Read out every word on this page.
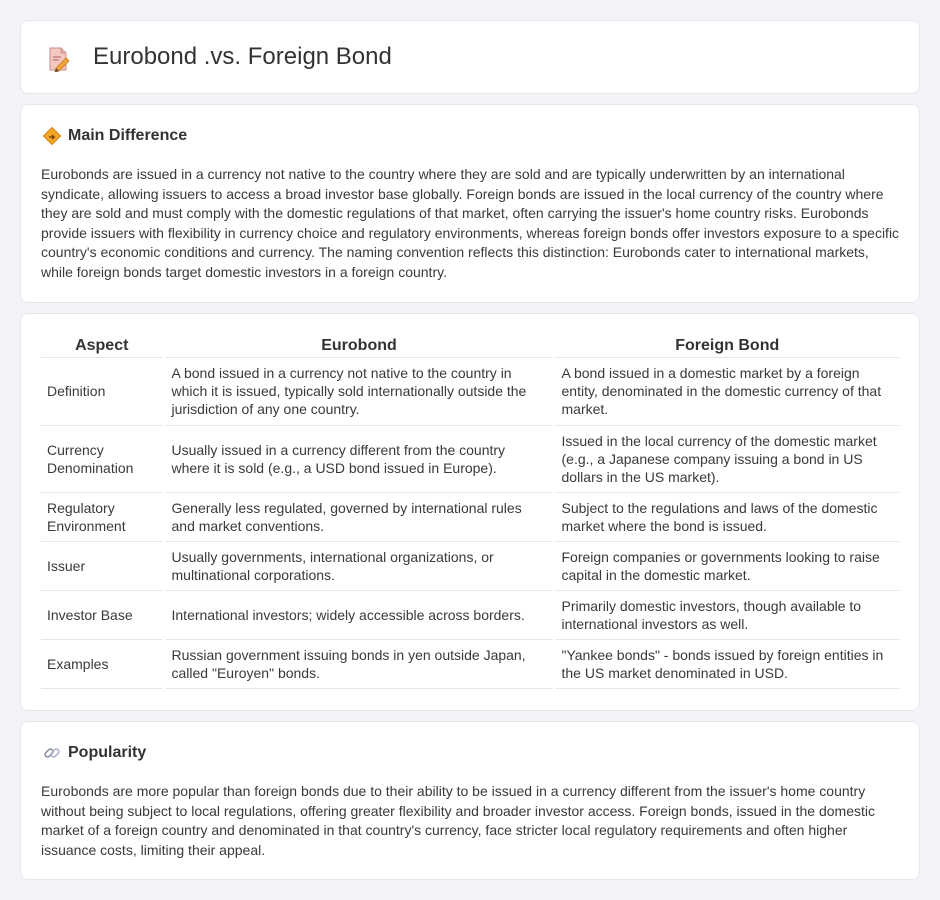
Eurobond .vs. Foreign Bond
Main Difference

Eurobonds are issued in a currency not native to the country where they are sold and are typically underwritten by an international syndicate, allowing issuers to access a broad investor base globally. Foreign bonds are issued in the local currency of the country where they are sold and must comply with the domestic regulations of that market, often carrying the issuer's home country risks. Eurobonds provide issuers with flexibility in currency choice and regulatory environments, whereas foreign bonds offer investors exposure to a specific country's economic conditions and currency. The naming convention reflects this distinction: Eurobonds cater to international markets, while foreign bonds target domestic investors in a foreign country.

Aspect	Eurobond	Foreign Bond
Definition	A bond issued in a currency not native to the country in which it is issued, typically sold internationally outside the jurisdiction of any one country.	A bond issued in a domestic market by a foreign entity, denominated in the domestic currency of that market.
Currency Denomination	Usually issued in a currency different from the country where it is sold (e.g., a USD bond issued in Europe).	Issued in the local currency of the domestic market (e.g., a Japanese company issuing a bond in US dollars in the US market).
Regulatory Environment	Generally less regulated, governed by international rules and market conventions.	Subject to the regulations and laws of the domestic market where the bond is issued.
Issuer	Usually governments, international organizations, or multinational corporations.	Foreign companies or governments looking to raise capital in the domestic market.
Investor Base	International investors; widely accessible across borders.	Primarily domestic investors, though available to international investors as well.
Examples	Russian government issuing bonds in yen outside Japan, called "Euroyen" bonds.	"Yankee bonds" - bonds issued by foreign entities in the US market denominated in USD.
Popularity

Eurobonds are more popular than foreign bonds due to their ability to be issued in a currency different from the issuer's home country without being subject to local regulations, offering greater flexibility and broader investor access. Foreign bonds, issued in the domestic market of a foreign country and denominated in that country's currency, face stricter local regulatory requirements and often higher issuance costs, limiting their appeal.
